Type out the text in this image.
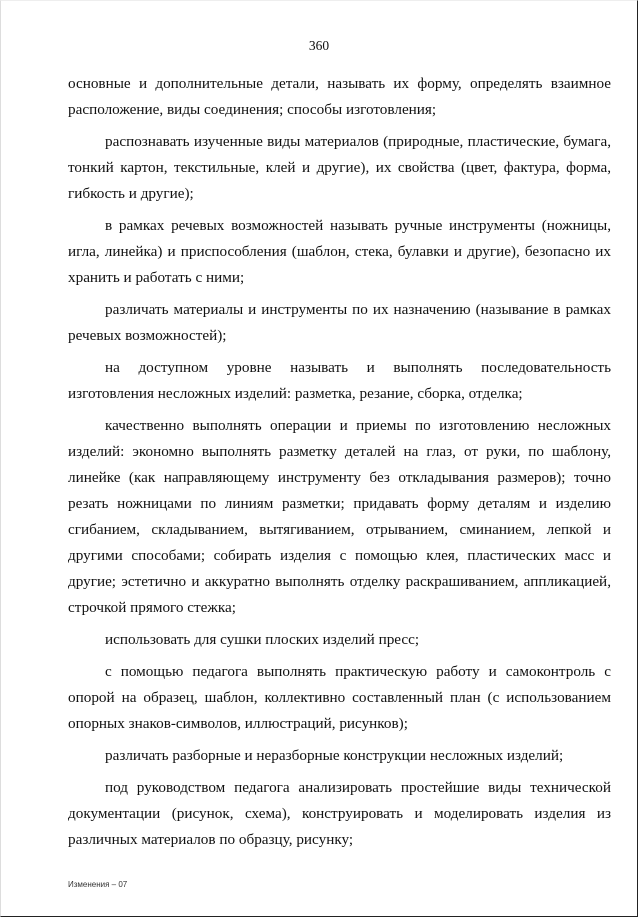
360

основные и дополнительные детали, называть их форму, определять взаимное расположение, виды соединения; способы изготовления;

распознавать изученные виды материалов (природные, пластические, бумага, тонкий картон, текстильные, клей и другие), их свойства (цвет, фактура, форма, гибкость и другие);

в рамках речевых возможностей называть ручные инструменты (ножницы, игла, линейка) и приспособления (шаблон, стека, булавки и другие), безопасно их хранить и работать с ними;

различать материалы и инструменты по их назначению (называние в рамках речевых возможностей);

на доступном уровне называть и выполнять последовательность изготовления несложных изделий: разметка, резание, сборка, отделка;

качественно выполнять операции и приемы по изготовлению несложных изделий: экономно выполнять разметку деталей на глаз, от руки, по шаблону, линейке (как направляющему инструменту без откладывания размеров); точно резать ножницами по линиям разметки; придавать форму деталям и изделию сгибанием, складыванием, вытягиванием, отрыванием, сминанием, лепкой и другими способами; собирать изделия с помощью клея, пластических масс и другие; эстетично и аккуратно выполнять отделку раскрашиванием, аппликацией, строчкой прямого стежка;

использовать для сушки плоских изделий пресс;

с помощью педагога выполнять практическую работу и самоконтроль с опорой на образец, шаблон, коллективно составленный план (с использованием опорных знаков-символов, иллюстраций, рисунков);

различать разборные и неразборные конструкции несложных изделий;

под руководством педагога анализировать простейшие виды технической документации (рисунок, схема), конструировать и моделировать изделия из различных материалов по образцу, рисунку;

Изменения – 07
